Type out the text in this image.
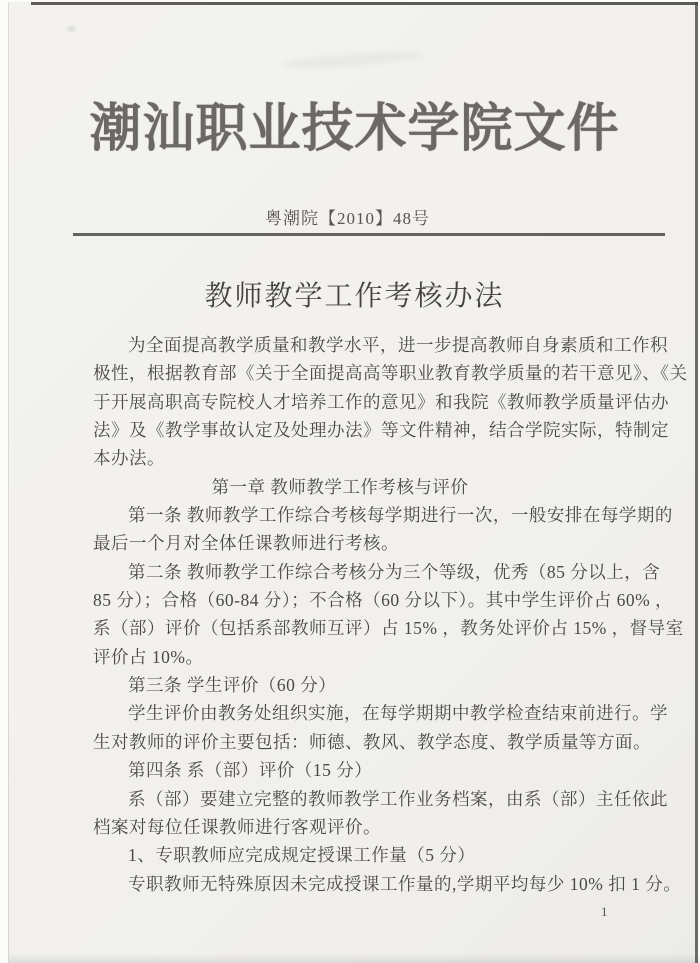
潮汕职业技术学院文件
粤潮院【2010】48号
教师教学工作考核办法
为全面提高教学质量和教学水平，进一步提高教师自身素质和工作积
极性，根据教育部《关于全面提高高等职业教育教学质量的若干意见》、《关
于开展高职高专院校人才培养工作的意见》和我院《教师教学质量评估办
法》及《教学事故认定及处理办法》等文件精神，结合学院实际，特制定
本办法。
第一章 教师教学工作考核与评价
第一条 教师教学工作综合考核每学期进行一次，一般安排在每学期的
最后一个月对全体任课教师进行考核。
第二条 教师教学工作综合考核分为三个等级，优秀（85 分以上，含
85 分）；合格（60-84 分）；不合格（60 分以下）。其中学生评价占 60% ，
系（部）评价（包括系部教师互评）占 15% ，教务处评价占 15% ，督导室
评价占 10%。
第三条 学生评价（60 分）
学生评价由教务处组织实施，在每学期期中教学检查结束前进行。学
生对教师的评价主要包括：师德、教风、教学态度、教学质量等方面。
第四条 系（部）评价（15 分）
系（部）要建立完整的教师教学工作业务档案，由系（部）主任依此
档案对每位任课教师进行客观评价。
1、专职教师应完成规定授课工作量（5 分）
专职教师无特殊原因未完成授课工作量的,学期平均每少 10% 扣 1 分。
1
